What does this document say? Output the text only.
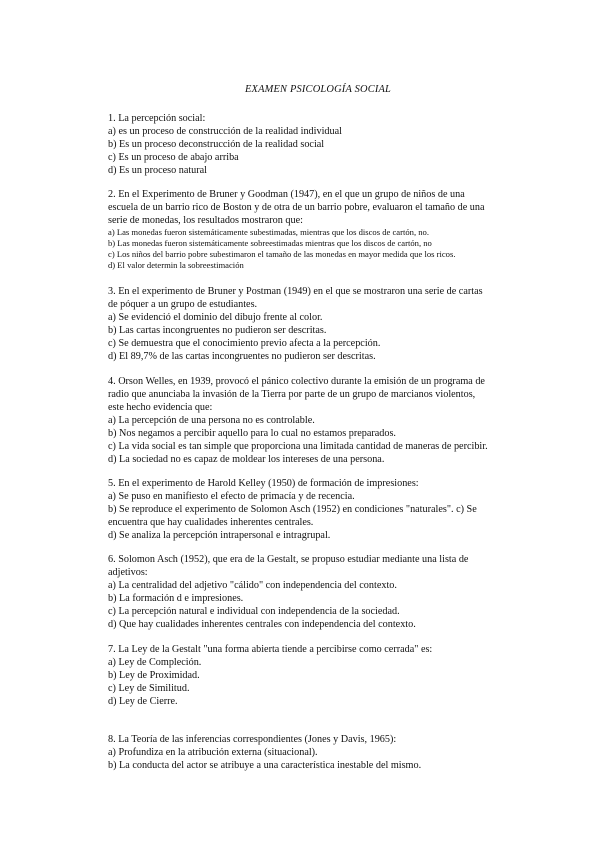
EXAMEN PSICOLOGÍA SOCIAL

1. La percepción social:

a) es un proceso de construcción de la realidad individual

b) Es un proceso deconstrucción de la realidad social

c) Es un proceso de abajo arriba

d) Es un proceso natural

2. En el Experimento de Bruner y Goodman (1947), en el que un grupo de niños de una

escuela de un barrio rico de Boston y de otra de un barrio pobre, evaluaron el tamaño de una

serie de monedas, los resultados mostraron que:

a) Las monedas fueron sistemáticamente subestimadas, mientras que los discos de cartón, no.

b) Las monedas fueron sistemáticamente sobreestimadas mientras que los discos de cartón, no

c) Los niños del barrio pobre subestimaron el tamaño de las monedas en mayor medida que los ricos.

d) El valor determin la sobreestimación

3. En el experimento de Bruner y Postman (1949) en el que se mostraron una serie de cartas

de póquer a un grupo de estudiantes.

a) Se evidenció el dominio del dibujo frente al color.

b) Las cartas incongruentes no pudieron ser descritas.

c) Se demuestra que el conocimiento previo afecta a la percepción.

d) El 89,7% de las cartas incongruentes no pudieron ser descritas.

4. Orson Welles, en 1939, provocó el pánico colectivo durante la emisión de un programa de

radio que anunciaba la invasión de la Tierra por parte de un grupo de marcianos violentos,

este hecho evidencia que:

a) La percepción de una persona no es controlable.

b) Nos negamos a percibir aquello para lo cual no estamos preparados.

c) La vida social es tan simple que proporciona una limitada cantidad de maneras de percibir.

d) La sociedad no es capaz de moldear los intereses de una persona.

5. En el experimento de Harold Kelley (1950) de formación de impresiones:

a) Se puso en manifiesto el efecto de primacía y de recencia.

b) Se reproduce el experimento de Solomon Asch (1952) en condiciones "naturales". c) Se

encuentra que hay cualidades inherentes centrales.

d) Se analiza la percepción intrapersonal e intragrupal.

6. Solomon Asch (1952), que era de la Gestalt, se propuso estudiar mediante una lista de

adjetivos:

a) La centralidad del adjetivo "cálido" con independencia del contexto.

b) La formación d e impresiones.

c) La percepción natural e individual con independencia de la sociedad.

d) Que hay cualidades inherentes centrales con independencia del contexto.

7. La Ley de la Gestalt "una forma abierta tiende a percibirse como cerrada" es:

a) Ley de Compleción.

b) Ley de Proximidad.

c) Ley de Similitud.

d) Ley de Cierre.

8. La Teoría de las inferencias correspondientes (Jones y Davis, 1965):

a) Profundiza en la atribución externa (situacional).

b) La conducta del actor se atribuye a una característica inestable del mismo.
